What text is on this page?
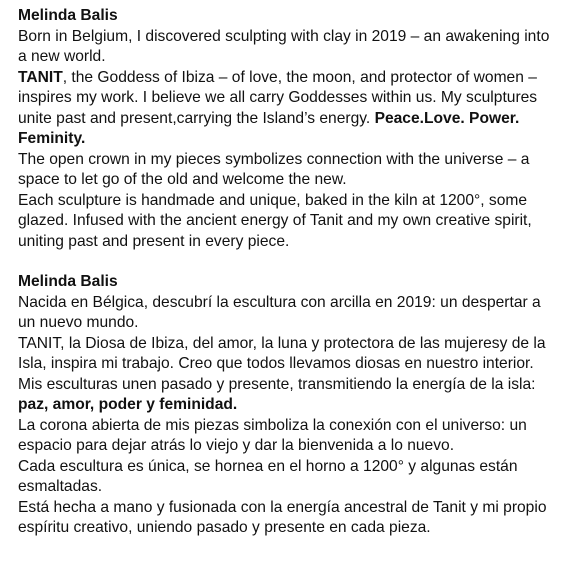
Melinda Balis
Born in Belgium, I discovered sculpting with clay in 2019 – an awakening into
a new world.
TANIT, the Goddess of Ibiza – of love, the moon, and protector of women –
inspires my work. I believe we all carry Goddesses within us. My sculptures
unite past and present,carrying the Island’s energy. Peace.Love. Power.
Feminity.
The open crown in my pieces symbolizes connection with the universe – a
space to let go of the old and welcome the new.
Each sculpture is handmade and unique, baked in the kiln at 1200°, some
glazed. Infused with the ancient energy of Tanit and my own creative spirit,
uniting past and present in every piece.
Melinda Balis
Nacida en Bélgica, descubrí la escultura con arcilla en 2019: un despertar a
un nuevo mundo.
TANIT, la Diosa de Ibiza, del amor, la luna y protectora de las mujeresy de la
Isla, inspira mi trabajo. Creo que todos llevamos diosas en nuestro interior.
Mis esculturas unen pasado y presente, transmitiendo la energía de la isla:
paz, amor, poder y feminidad.
La corona abierta de mis piezas simboliza la conexión con el universo: un
espacio para dejar atrás lo viejo y dar la bienvenida a lo nuevo.
Cada escultura es única, se hornea en el horno a 1200° y algunas están
esmaltadas.
Está hecha a mano y fusionada con la energía ancestral de Tanit y mi propio
espíritu creativo, uniendo pasado y presente en cada pieza.
